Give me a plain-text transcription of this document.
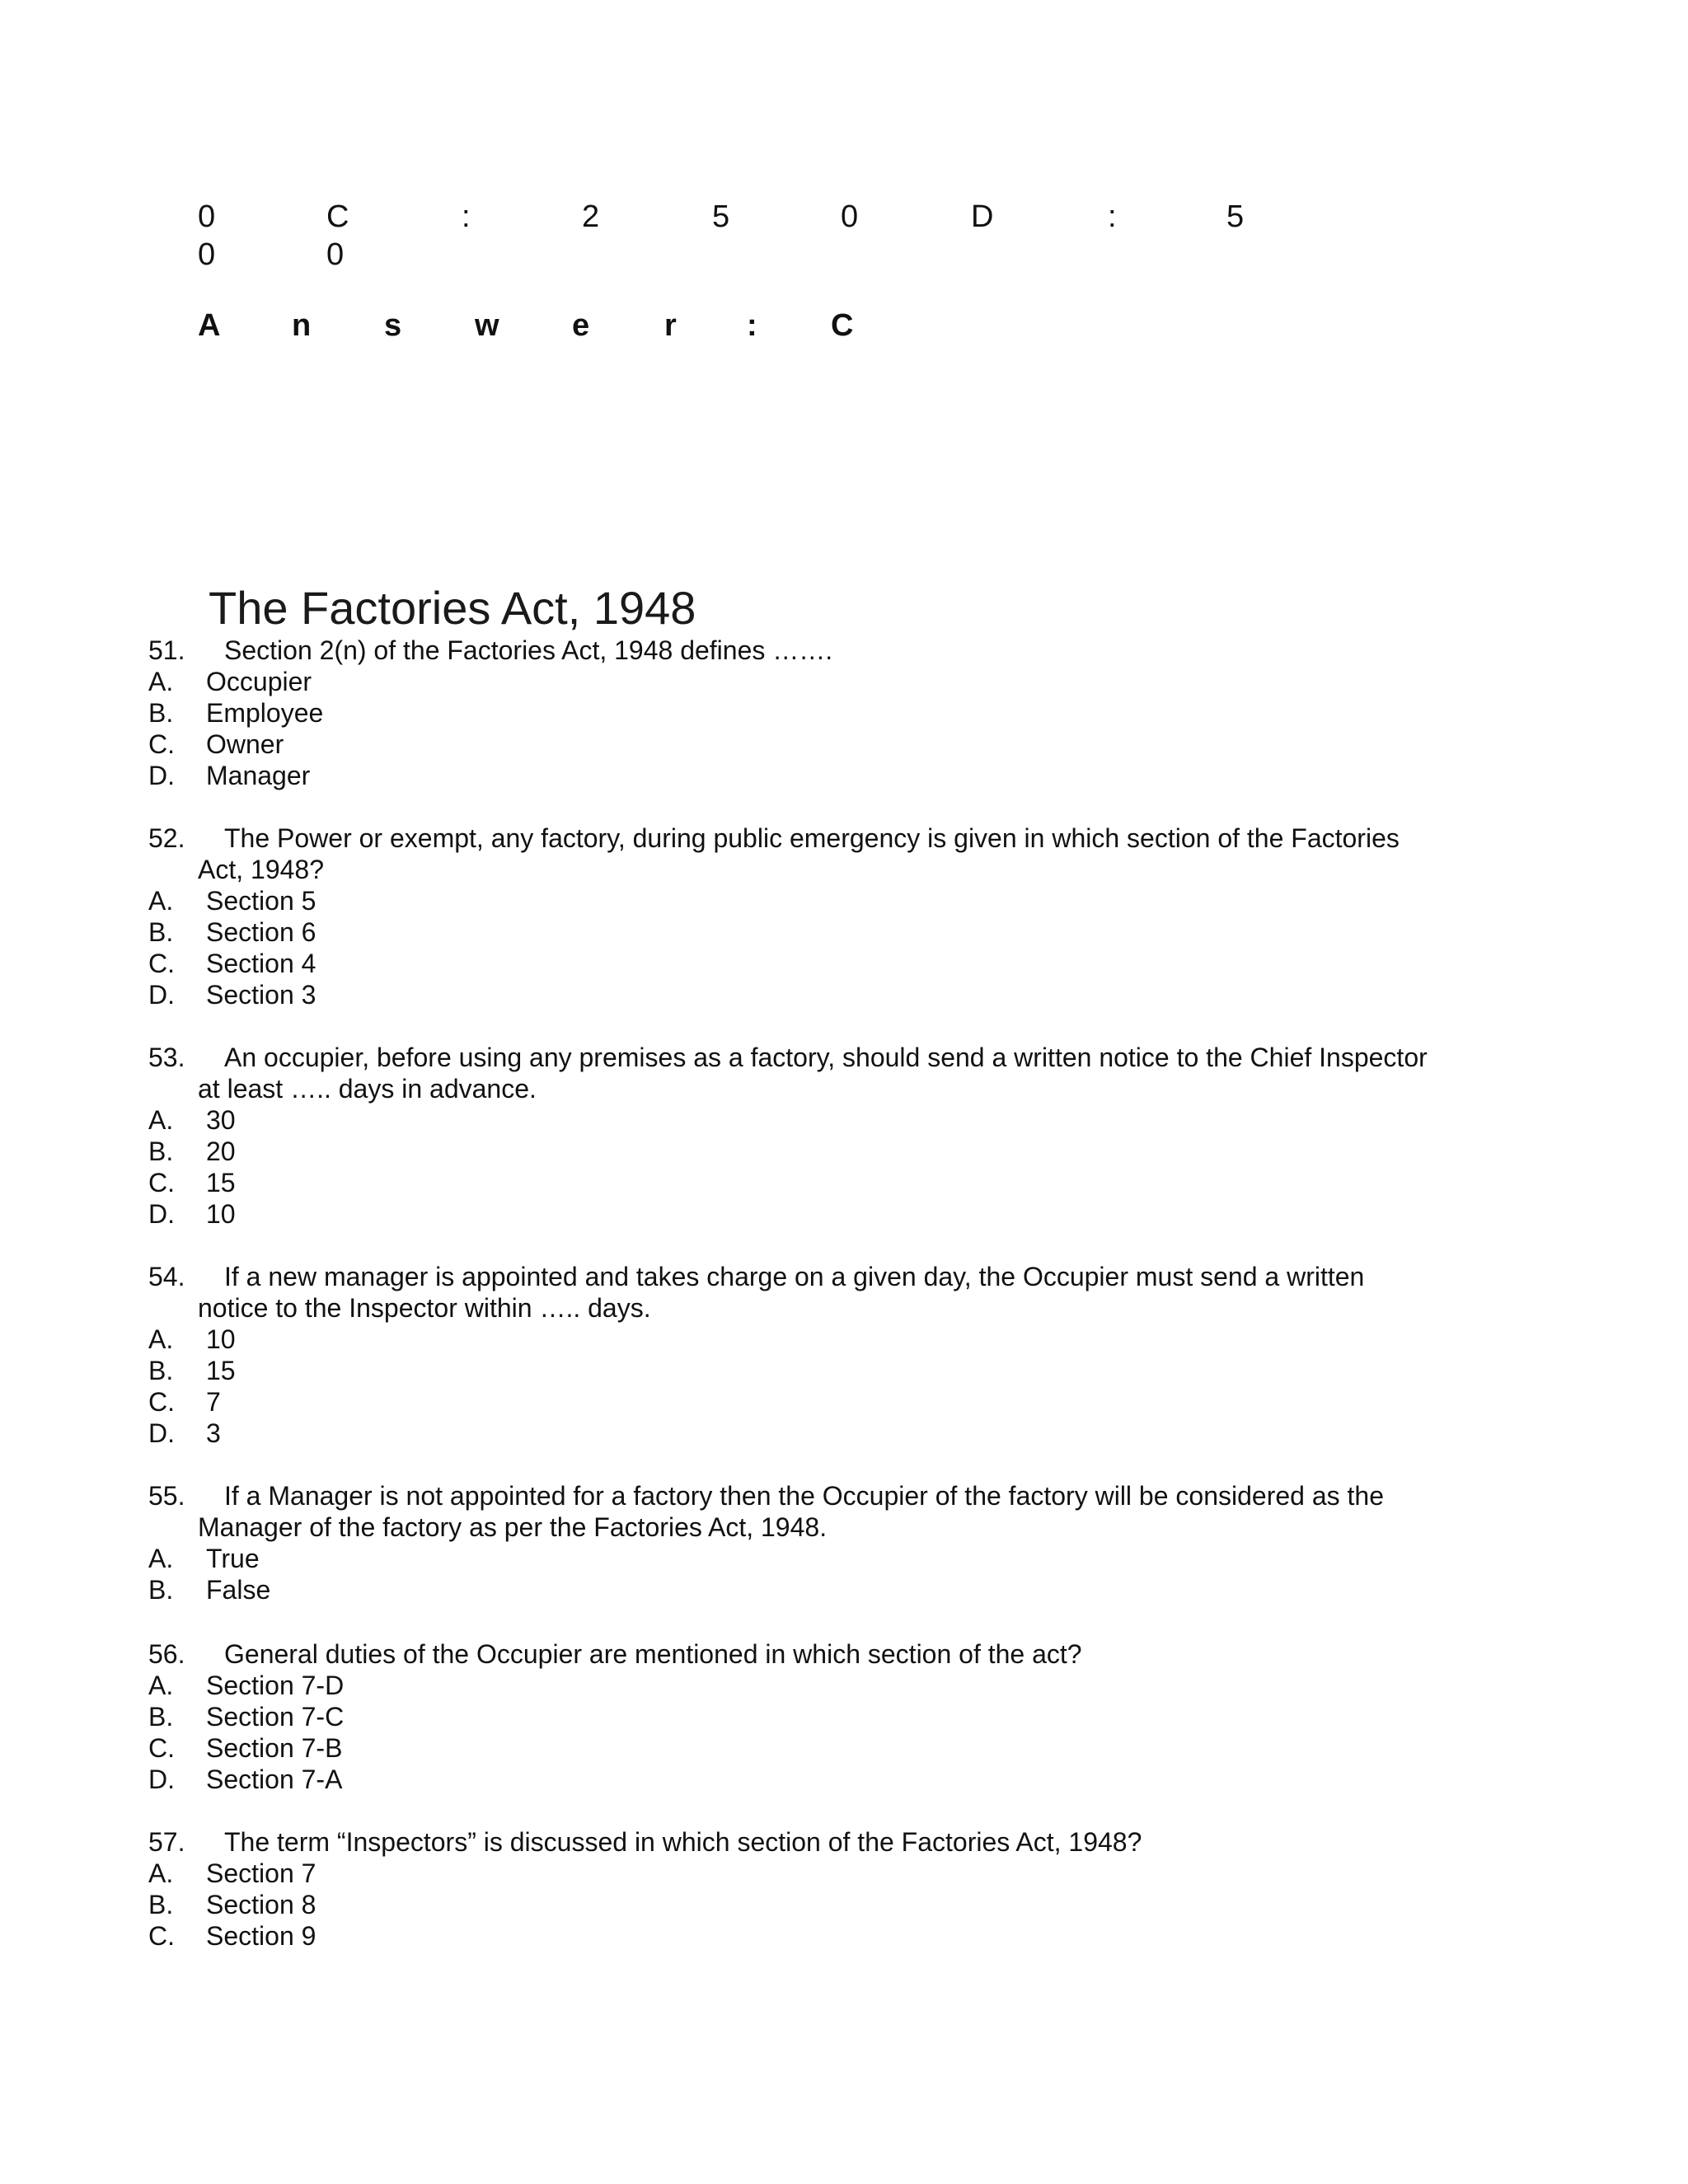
0	C	:	2	5	0	D	:	5
0	0
A n s w e r : C
The Factories Act, 1948
51. Section 2(n) of the Factories Act, 1948 defines …….
A. Occupier
B. Employee
C. Owner
D. Manager
52. The Power or exempt, any factory, during public emergency is given in which section of the Factories
Act, 1948?
A. Section 5
B. Section 6
C. Section 4
D. Section 3
53. An occupier, before using any premises as a factory, should send a written notice to the Chief Inspector
at least ….. days in advance.
A. 30
B. 20
C. 15
D. 10
54. If a new manager is appointed and takes charge on a given day, the Occupier must send a written
notice to the Inspector within ….. days.
A. 10
B. 15
C. 7
D. 3
55. If a Manager is not appointed for a factory then the Occupier of the factory will be considered as the
Manager of the factory as per the Factories Act, 1948.
A. True
B. False
56. General duties of the Occupier are mentioned in which section of the act?
A. Section 7-D
B. Section 7-C
C. Section 7-B
D. Section 7-A
57. The term “Inspectors” is discussed in which section of the Factories Act, 1948?
A. Section 7
B. Section 8
C. Section 9
